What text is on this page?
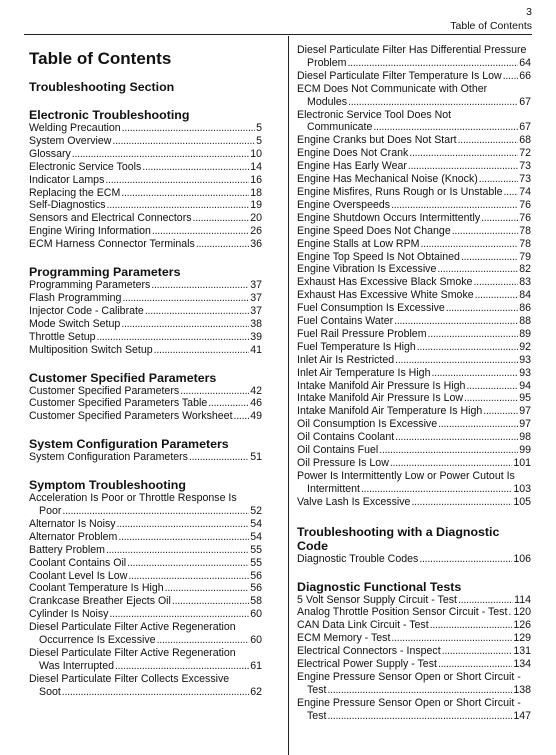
3
Table of Contents
Table of Contents
Troubleshooting Section
Electronic Troubleshooting
Welding Precaution . . .	5
System Overview . . .	5
Glossary . . .	10
Electronic Service Tools . . .	14
Indicator Lamps . . .	16
Replacing the ECM . . .	18
Self-Diagnostics . . .	19
Sensors and Electrical Connectors . . .	20
Engine Wiring Information . . .	26
ECM Harness Connector Terminals . . .	36
Programming Parameters
Programming Parameters . . .	37
Flash Programming . . .	37
Injector Code - Calibrate . . .	37
Mode Switch Setup . . .	38
Throttle Setup . . .	39
Multiposition Switch Setup . . .	41
Customer Specified Parameters
Customer Specified Parameters . . .	42
Customer Specified Parameters Table . . .	46
Customer Specified Parameters Worksheet . . . 49
System Configuration Parameters
System Configuration Parameters . . .	51
Symptom Troubleshooting
Acceleration Is Poor or Throttle Response Is
Poor . . .	52
Alternator Is Noisy . . .	54
Alternator Problem . . .	54
Battery Problem . . .	55
Coolant Contains Oil . . .	55
Coolant Level Is Low . . .	56
Coolant Temperature Is High . . .	56
Crankcase Breather Ejects Oil . . .	58
Cylinder Is Noisy . . .	60
Diesel Particulate Filter Active Regeneration
Occurrence Is Excessive . . .	60
Diesel Particulate Filter Active Regeneration
Was Interrupted . . .	61
Diesel Particulate Filter Collects Excessive
Soot . . .	62
Diesel Particulate Filter Has Differential Pressure
Problem . . .	64
Diesel Particulate Filter Temperature Is Low . . . 66
ECM Does Not Communicate with Other
Modules . . .	67
Electronic Service Tool Does Not
Communicate . . .	67
Engine Cranks but Does Not Start . . .	68
Engine Does Not Crank . . .	72
Engine Has Early Wear . . .	73
Engine Has Mechanical Noise (Knock) . . .	73
Engine Misfires, Runs Rough or Is Unstable . . . 74
Engine Overspeeds . . .	76
Engine Shutdown Occurs Intermittently . . .	76
Engine Speed Does Not Change . . .	78
Engine Stalls at Low RPM . . .	78
Engine Top Speed Is Not Obtained . . .	79
Engine Vibration Is Excessive . . .	82
Exhaust Has Excessive Black Smoke . . .	83
Exhaust Has Excessive White Smoke . . .	84
Fuel Consumption Is Excessive . . .	86
Fuel Contains Water . . .	88
Fuel Rail Pressure Problem . . .	89
Fuel Temperature Is High . . .	92
Inlet Air Is Restricted . . .	93
Inlet Air Temperature Is High . . .	93
Intake Manifold Air Pressure Is High . . .	94
Intake Manifold Air Pressure Is Low . . .	95
Intake Manifold Air Temperature Is High . . .	97
Oil Consumption Is Excessive . . .	97
Oil Contains Coolant . . .	98
Oil Contains Fuel . . .	99
Oil Pressure Is Low . . .	101
Power Is Intermittently Low or Power Cutout Is
Intermittent . . .	103
Valve Lash Is Excessive . . .	105
Troubleshooting with a Diagnostic Code
Diagnostic Trouble Codes . . .	106
Diagnostic Functional Tests
5 Volt Sensor Supply Circuit - Test . . .	114
Analog Throttle Position Sensor Circuit - Test . . . 120
CAN Data Link Circuit - Test . . .	126
ECM Memory - Test . . .	129
Electrical Connectors - Inspect . . .	131
Electrical Power Supply - Test . . .	134
Engine Pressure Sensor Open or Short Circuit -
Test . . .	138
Engine Pressure Sensor Open or Short Circuit -
Test . . .	147
